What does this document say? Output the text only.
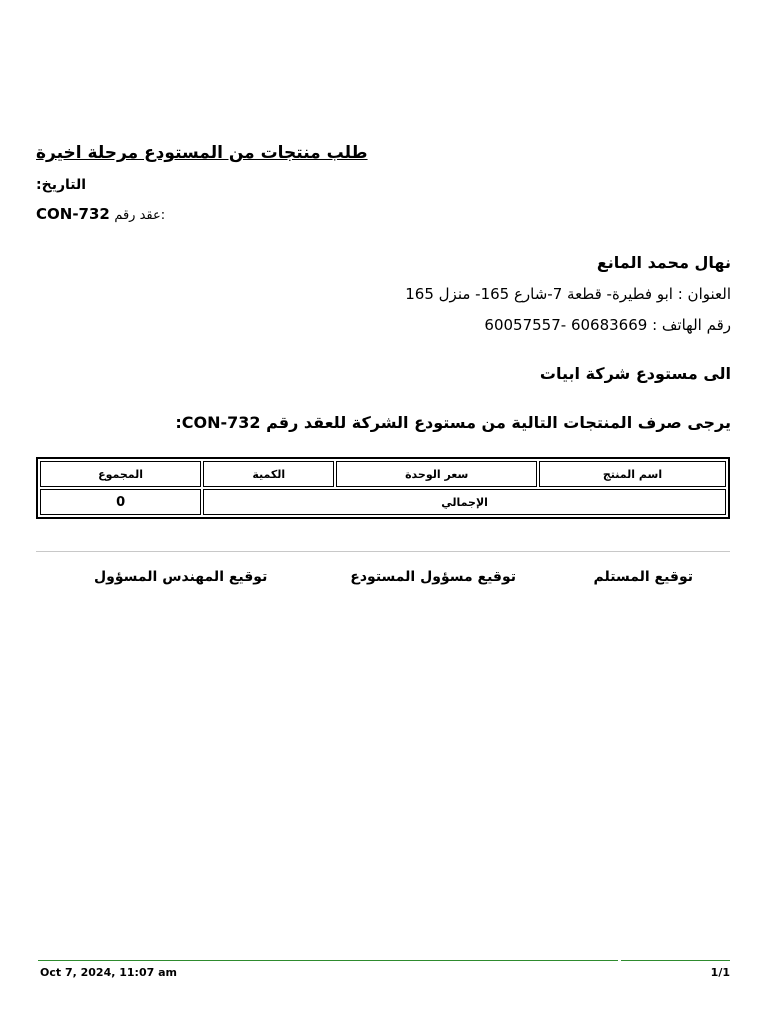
طلب منتجات من المستودع مرحلة اخيرة
التاريخ:
CON-732 عقد رقم:
نهال محمد المانع
العنوان : ابو فطيرة- قطعة 7-شارع 165- منزل 165
رقم الهاتف : 60683669 -60057557
الى مستودع شركة ابيات
يرجى صرف المنتجات التالية من مستودع الشركة للعقد رقم CON-732:
اسم المنتج	سعر الوحدة	الكمية	المجموع
الإجمالي			0
توقيع المستلم
توقيع مسؤول المستودع
توقيع المهندس المسؤول
Oct 7, 2024, 11:07 am	1/1
